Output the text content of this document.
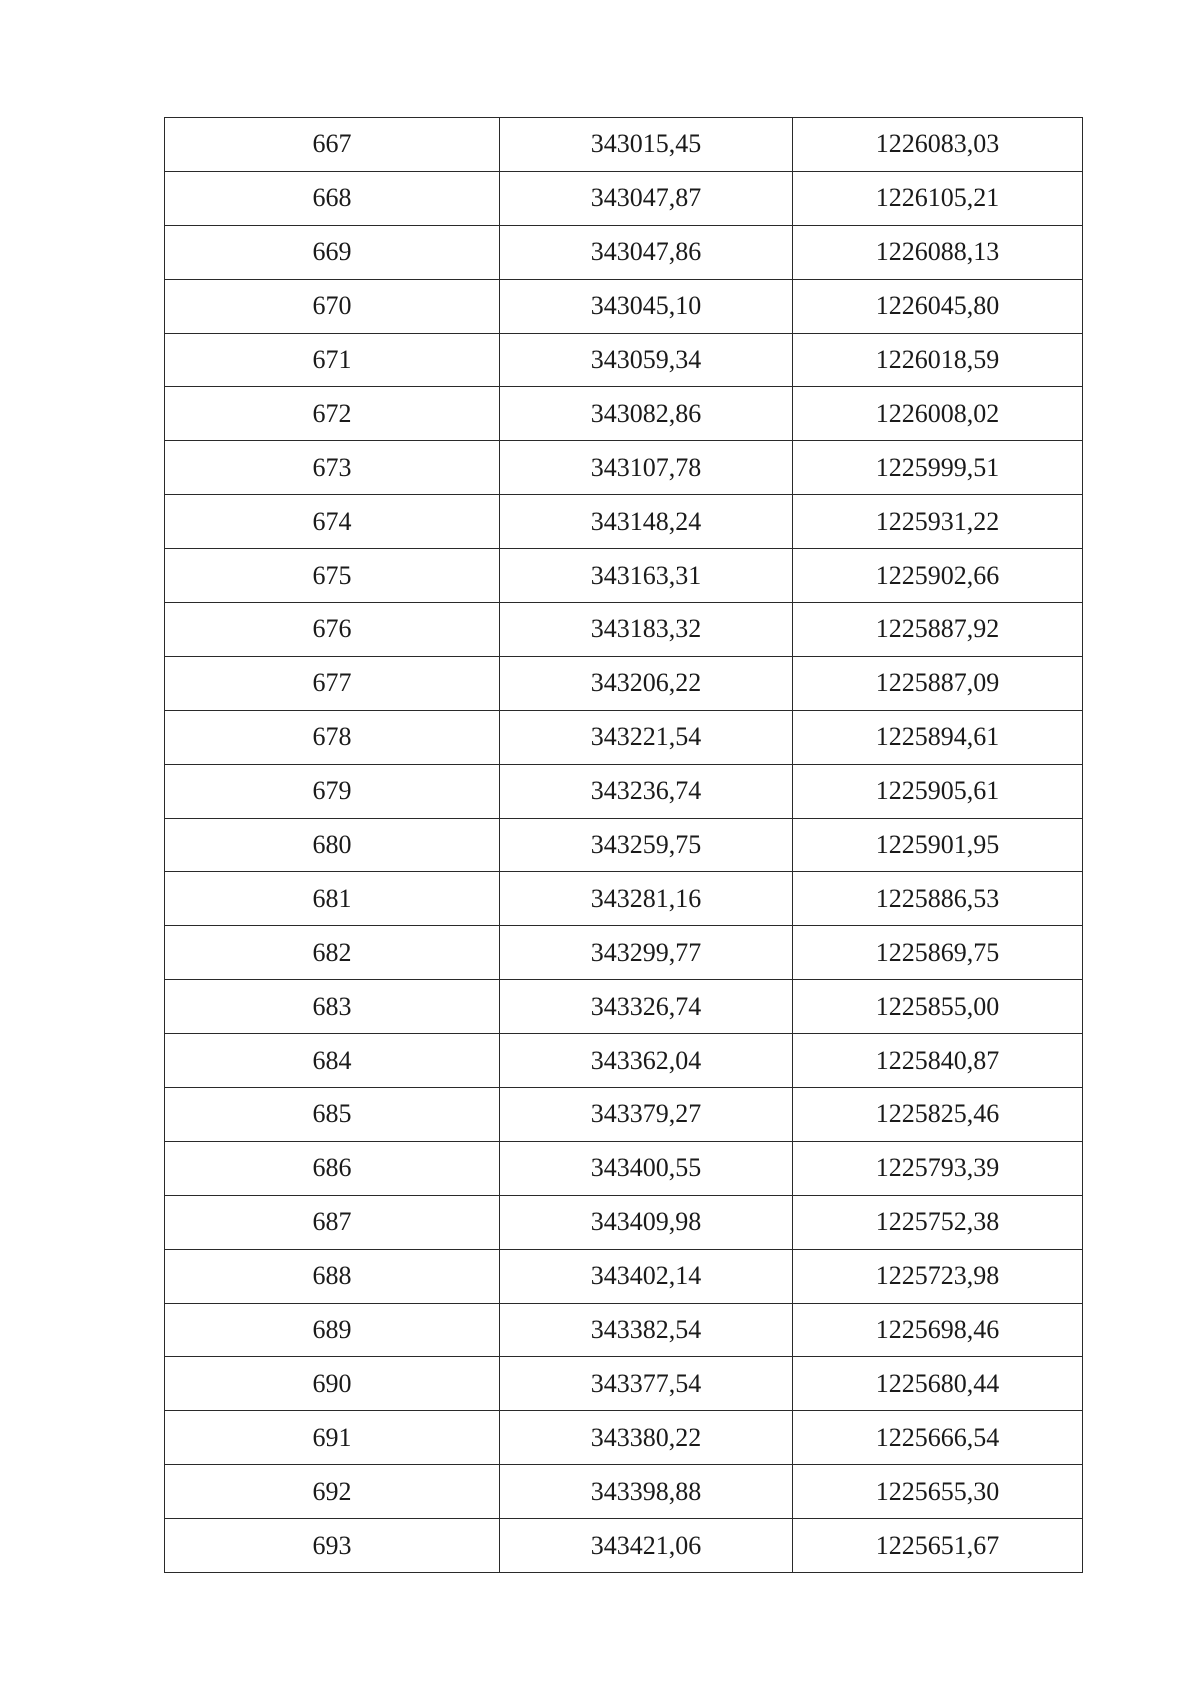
667	343015,45	1226083,03
668	343047,87	1226105,21
669	343047,86	1226088,13
670	343045,10	1226045,80
671	343059,34	1226018,59
672	343082,86	1226008,02
673	343107,78	1225999,51
674	343148,24	1225931,22
675	343163,31	1225902,66
676	343183,32	1225887,92
677	343206,22	1225887,09
678	343221,54	1225894,61
679	343236,74	1225905,61
680	343259,75	1225901,95
681	343281,16	1225886,53
682	343299,77	1225869,75
683	343326,74	1225855,00
684	343362,04	1225840,87
685	343379,27	1225825,46
686	343400,55	1225793,39
687	343409,98	1225752,38
688	343402,14	1225723,98
689	343382,54	1225698,46
690	343377,54	1225680,44
691	343380,22	1225666,54
692	343398,88	1225655,30
693	343421,06	1225651,67
